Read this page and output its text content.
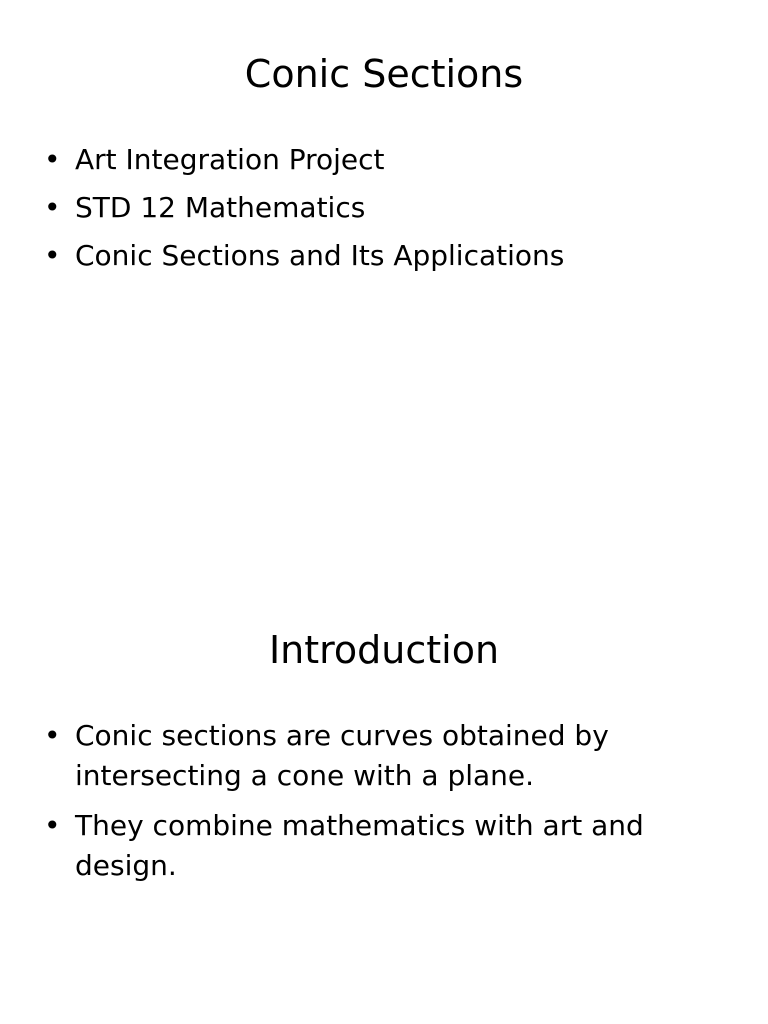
Conic Sections
• Art Integration Project
• STD 12 Mathematics
• Conic Sections and Its Applications
Introduction
• Conic sections are curves obtained by intersecting a cone with a plane.
• They combine mathematics with art and design.
